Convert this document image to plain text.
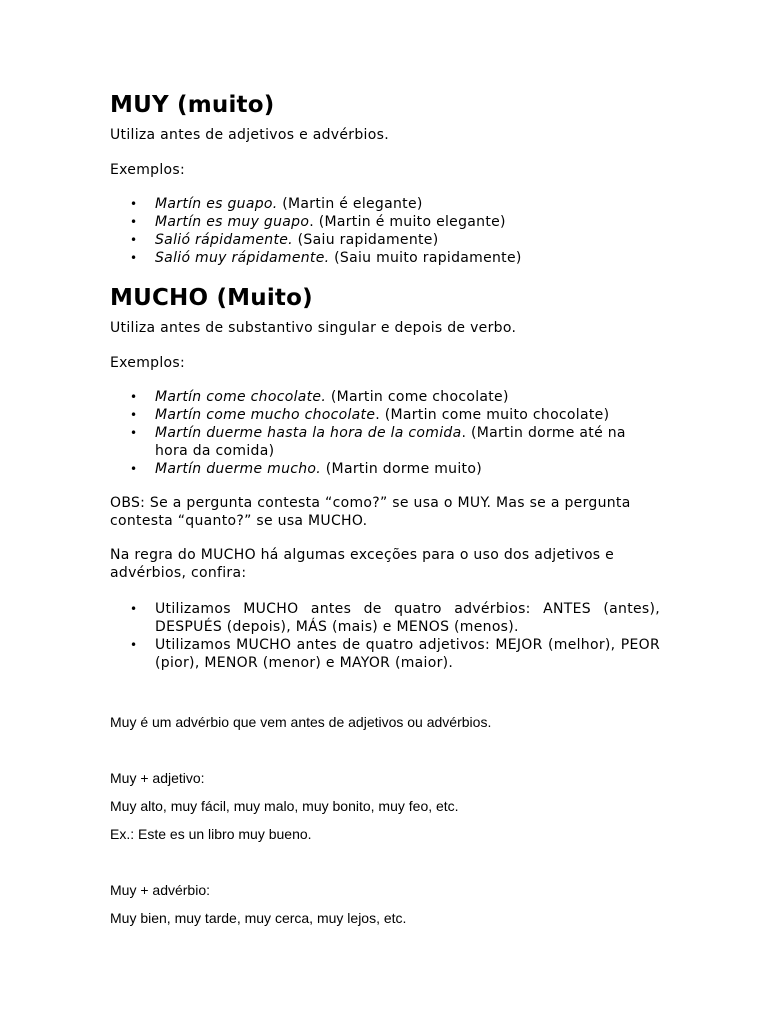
MUY (muito)

Utiliza antes de adjetivos e advérbios.

Exemplos:

• Martín es guapo. (Martin é elegante)
• Martín es muy guapo. (Martin é muito elegante)
• Salió rápidamente. (Saiu rapidamente)
• Salió muy rápidamente. (Saiu muito rapidamente)
MUCHO (Muito)

Utiliza antes de substantivo singular e depois de verbo.

Exemplos:

• Martín come chocolate. (Martin come chocolate)
• Martín come mucho chocolate. (Martin come muito chocolate)
• Martín duerme hasta la hora de la comida. (Martin dorme até na hora da comida)
• Martín duerme mucho. (Martin dorme muito)

OBS: Se a pergunta contesta “como?” se usa o MUY. Mas se a pergunta contesta “quanto?” se usa MUCHO.

Na regra do MUCHO há algumas exceções para o uso dos adjetivos e advérbios, confira:

• Utilizamos MUCHO antes de quatro advérbios: ANTES (antes), DESPUÉS (depois), MÁS (mais) e MENOS (menos).
• Utilizamos MUCHO antes de quatro adjetivos: MEJOR (melhor), PEOR (pior), MENOR (menor) e MAYOR (maior).

Muy é um advérbio que vem antes de adjetivos ou advérbios.

Muy + adjetivo:

Muy alto, muy fácil, muy malo, muy bonito, muy feo, etc.

Ex.: Este es un libro muy bueno.

Muy + advérbio:

Muy bien, muy tarde, muy cerca, muy lejos, etc.
